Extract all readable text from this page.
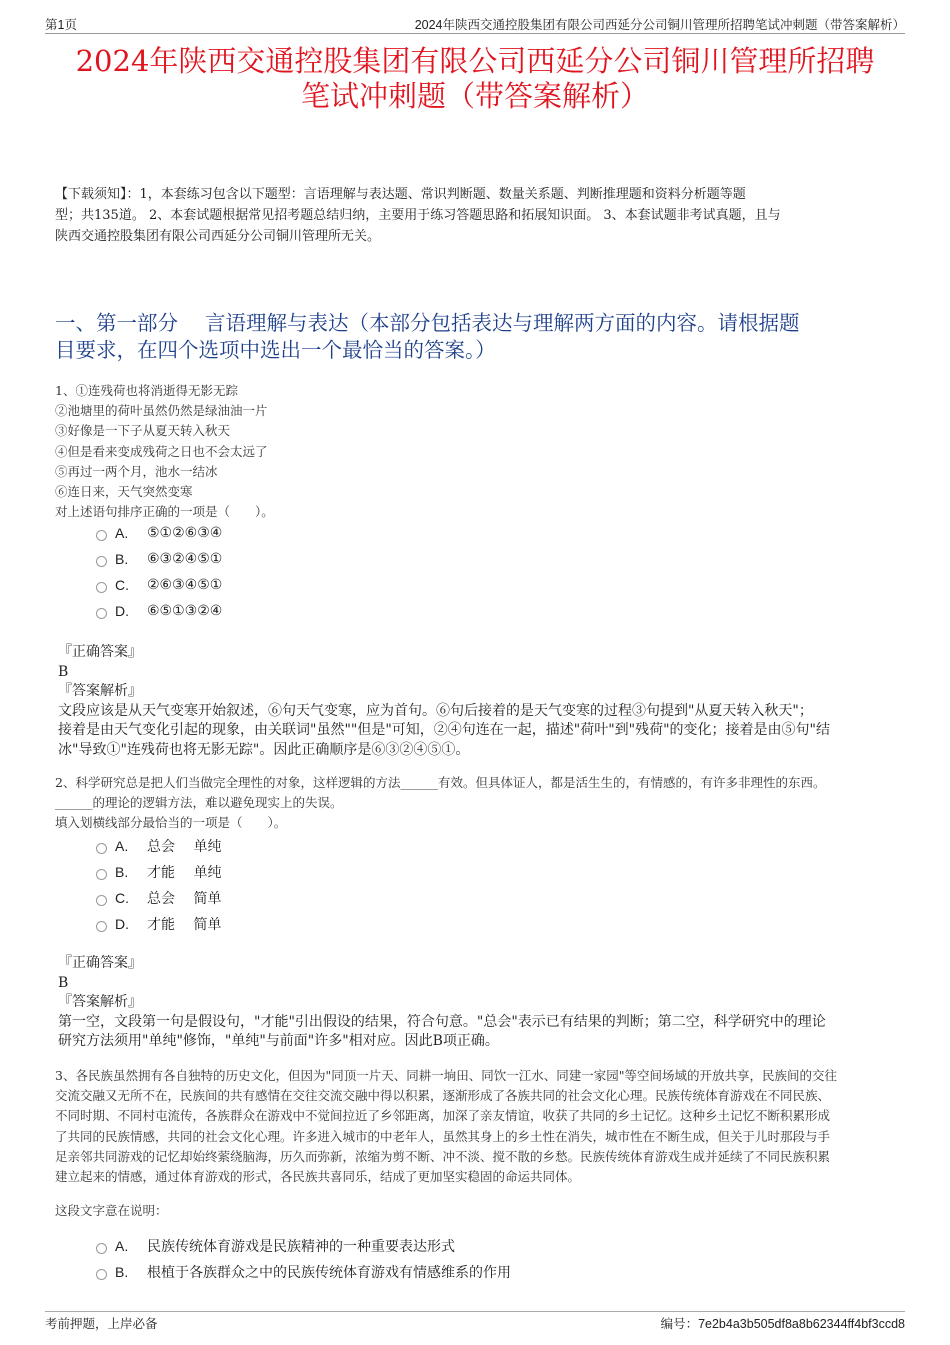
第1页	2024年陕西交通控股集团有限公司西延分公司铜川管理所招聘笔试冲刺题（带答案解析）
2024年陕西交通控股集团有限公司西延分公司铜川管理所招聘
笔试冲刺题（带答案解析）
【下载须知】：1，本套练习包含以下题型：言语理解与表达题、常识判断题、数量关系题、判断推理题和资料分析题等题
型；共135道。 2、本套试题根据常见招考题总结归纳，主要用于练习答题思路和拓展知识面。 3、本套试题非考试真题，且与
陕西交通控股集团有限公司西延分公司铜川管理所无关。
一、第一部分　 言语理解与表达（本部分包括表达与理解两方面的内容。请根据题
目要求，在四个选项中选出一个最恰当的答案。）
1、①连残荷也将消逝得无影无踪
②池塘里的荷叶虽然仍然是绿油油一片
③好像是一下子从夏天转入秋天
④但是看来变成残荷之日也不会太远了
⑤再过一两个月，池水一结冰
⑥连日来，天气突然变寒
对上述语句排序正确的一项是（　　）。
A.	⑤①②⑥③④
B.	⑥③②④⑤①
C.	②⑥③④⑤①
D.	⑥⑤①③②④
『正确答案』
B
『答案解析』
文段应该是从天气变寒开始叙述，⑥句天气变寒，应为首句。⑥句后接着的是天气变寒的过程③句提到"从夏天转入秋天"；
接着是由天气变化引起的现象，由关联词"虽然""但是"可知，②④句连在一起，描述"荷叶"到"残荷"的变化；接着是由⑤句"结
冰"导致①"连残荷也将无影无踪"。因此正确顺序是⑥③②④⑤①。
2、科学研究总是把人们当做完全理性的对象，这样逻辑的方法______有效。但具体证人，都是活生生的，有情感的，有许多非理性的东西。
______的理论的逻辑方法，难以避免现实上的失误。
填入划横线部分最恰当的一项是（　　）。
A.	总会　 单纯
B.	才能　 单纯
C.	总会　 简单
D.	才能　 简单
『正确答案』
B
『答案解析』
第一空，文段第一句是假设句，"才能"引出假设的结果，符合句意。"总会"表示已有结果的判断；第二空，科学研究中的理论
研究方法须用"单纯"修饰，"单纯"与前面"许多"相对应。因此B项正确。
3、各民族虽然拥有各自独特的历史文化，但因为"同顶一片天、同耕一垧田、同饮一江水、同建一家园"等空间场域的开放共享，民族间的交往
交流交融又无所不在，民族间的共有感情在交往交流交融中得以积累，逐渐形成了各族共同的社会文化心理。民族传统体育游戏在不同民族、
不同时期、不同村屯流传，各族群众在游戏中不觉间拉近了乡邻距离，加深了亲友情谊，收获了共同的乡土记忆。这种乡土记忆不断积累形成
了共同的民族情感，共同的社会文化心理。许多进入城市的中老年人，虽然其身上的乡土性在消失，城市性在不断生成，但关于儿时那段与手
足亲邻共同游戏的记忆却始终萦绕脑海，历久而弥新，浓缩为剪不断、冲不淡、搅不散的乡愁。民族传统体育游戏生成并延续了不同民族积累
建立起来的情感，通过体育游戏的形式，各民族共喜同乐，结成了更加坚实稳固的命运共同体。
这段文字意在说明：
A.	民族传统体育游戏是民族精神的一种重要表达形式
B.	根植于各族群众之中的民族传统体育游戏有情感维系的作用
考前押题，上岸必备	编号：7e2b4a3b505df8a8b62344ff4bf3ccd8
